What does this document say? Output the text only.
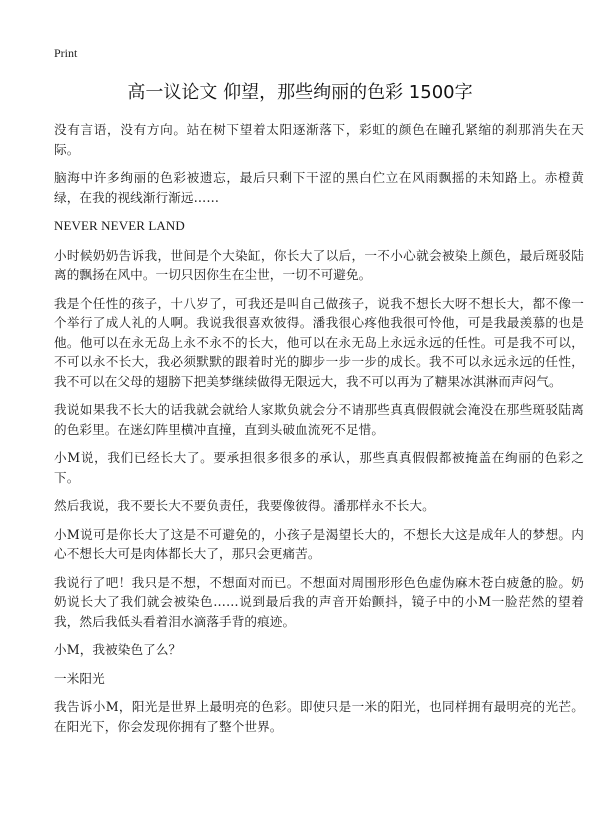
Print
高一议论文 仰望，那些绚丽的色彩 1500字

没有言语，没有方向。站在树下望着太阳逐渐落下，彩虹的颜色在瞳孔紧缩的刹那消失在天际。

脑海中许多绚丽的色彩被遗忘，最后只剩下干涩的黑白伫立在风雨飘摇的未知路上。赤橙黄绿，在我的视线渐行渐远……

NEVER NEVER LAND

小时候奶奶告诉我，世间是个大染缸，你长大了以后，一不小心就会被染上颜色，最后斑驳陆离的飘扬在风中。一切只因你生在尘世，一切不可避免。

我是个任性的孩子，十八岁了，可我还是叫自己做孩子，说我不想长大呀不想长大，都不像一个举行了成人礼的人啊。我说我很喜欢彼得。潘我很心疼他我很可怜他，可是我最羡慕的也是他。他可以在永无岛上永不永不的长大，他可以在永无岛上永远永远的任性。可是我不可以，不可以永不长大，我必须默默的跟着时光的脚步一步一步的成长。我不可以永远永远的任性，我不可以在父母的翅膀下把美梦继续做得无限远大，我不可以再为了糖果冰淇淋而声闷气。

我说如果我不长大的话我就会就给人家欺负就会分不请那些真真假假就会淹没在那些斑驳陆离的色彩里。在迷幻阵里横冲直撞，直到头破血流死不足惜。

小M说，我们已经长大了。要承担很多很多的承认，那些真真假假都被掩盖在绚丽的色彩之下。

然后我说，我不要长大不要负责任，我要像彼得。潘那样永不长大。

小M说可是你长大了这是不可避免的，小孩子是渴望长大的，不想长大这是成年人的梦想。内心不想长大可是肉体都长大了，那只会更痛苦。

我说行了吧！我只是不想，不想面对而已。不想面对周围形形色色虚伪麻木苍白疲惫的脸。奶奶说长大了我们就会被染色……说到最后我的声音开始颤抖，镜子中的小M一脸茫然的望着我，然后我低头看着泪水滴落手背的痕迹。

小M，我被染色了么？

一米阳光

我告诉小M，阳光是世界上最明亮的色彩。即使只是一米的阳光，也同样拥有最明亮的光芒。在阳光下，你会发现你拥有了整个世界。
